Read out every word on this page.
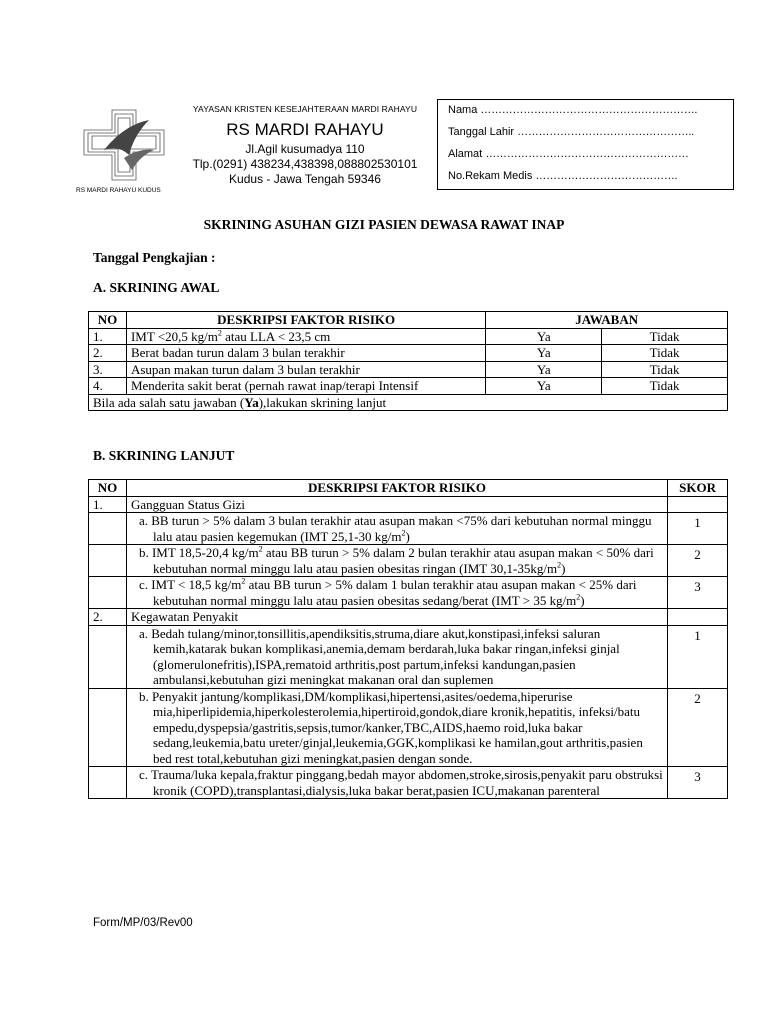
RS MARDI RAHAYU KUDUS
YAYASAN KRISTEN KESEJAHTERAAN MARDI RAHAYU
RS MARDI RAHAYU
Jl.Agil kusumadya 110
Tlp.(0291) 438234,438398,088802530101
Kudus - Jawa Tengah 59346
Nama …………………………………………………….
Tanggal Lahir …………………………………………..
Alamat …………………………………………………
No.Rekam Medis ………………………………….
SKRINING ASUHAN GIZI PASIEN DEWASA RAWAT INAP
Tanggal Pengkajian :
A. SKRINING AWAL
NO	DESKRIPSI FAKTOR RISIKO	JAWABAN	
1.	IMT <20,5 $kg/m^2$ atau LLA < 23,5 cm	Ya	Tidak
2.	Berat badan turun dalam 3 bulan terakhir	Ya	Tidak
3.	Asupan makan turun dalam 3 bulan terakhir	Ya	Tidak
4.	Menderita sakit berat (pernah rawat inap/terapi Intensif	Ya	Tidak
Bila ada salah satu jawaban (Ya),lakukan skrining lanjut			
B. SKRINING LANJUT
NO	DESKRIPSI FAKTOR RISIKO	SKOR
1.	Gangguan Status Gizi	

	a. BB turun > 5% dalam 3 bulan terakhir atau asupan makan <75% dari kebutuhan normal minggu lalu atau pasien kegemukan (IMT 25,1-30 $kg/m^2$)	1

	b. IMT 18,5-20,4 $kg/m^2$ atau BB turun > 5% dalam 2 bulan terakhir atau asupan makan < 50% dari kebutuhan normal minggu lalu atau pasien obesitas ringan (IMT $30,1-35kg/m^2$)	2

	c. IMT < 18,5 $kg/m^2$ atau BB turun > 5% dalam 1 bulan terakhir atau asupan makan < 25% dari kebutuhan normal minggu lalu atau pasien obesitas sedang/berat (IMT > 35 $kg/m^2$)	3
2.	Kegawatan Penyakit	

	a. Bedah tulang/minor,tonsillitis,apendiksitis,struma,diare akut,konstipasi,infeksi saluran kemih,katarak bukan komplikasi,anemia,demam berdarah,luka bakar ringan,infeksi ginjal (glomerulonefritis),ISPA,rematoid arthritis,post partum,infeksi kandungan,pasien ambulansi,kebutuhan gizi meningkat makanan oral dan suplemen	1

	b. Penyakit jantung/komplikasi,DM/komplikasi,hipertensi,asites/oedema,hiperurise mia,hiperlipidemia,hiperkolesterolemia,hipertiroid,gondok,diare kronik,hepatitis, infeksi/batu empedu,dyspepsia/gastritis,sepsis,tumor/kanker,TBC,AIDS,haemo roid,luka bakar sedang,leukemia,batu ureter/ginjal,leukemia,GGK,komplikasi ke hamilan,gout arthritis,pasien bed rest total,kebutuhan gizi meningkat,pasien dengan sonde.	2

	c. Trauma/luka kepala,fraktur pinggang,bedah mayor abdomen,stroke,sirosis,penyakit paru obstruksi kronik (COPD),transplantasi,dialysis,luka bakar berat,pasien ICU,makanan parenteral	3
Form/MP/03/Rev00
